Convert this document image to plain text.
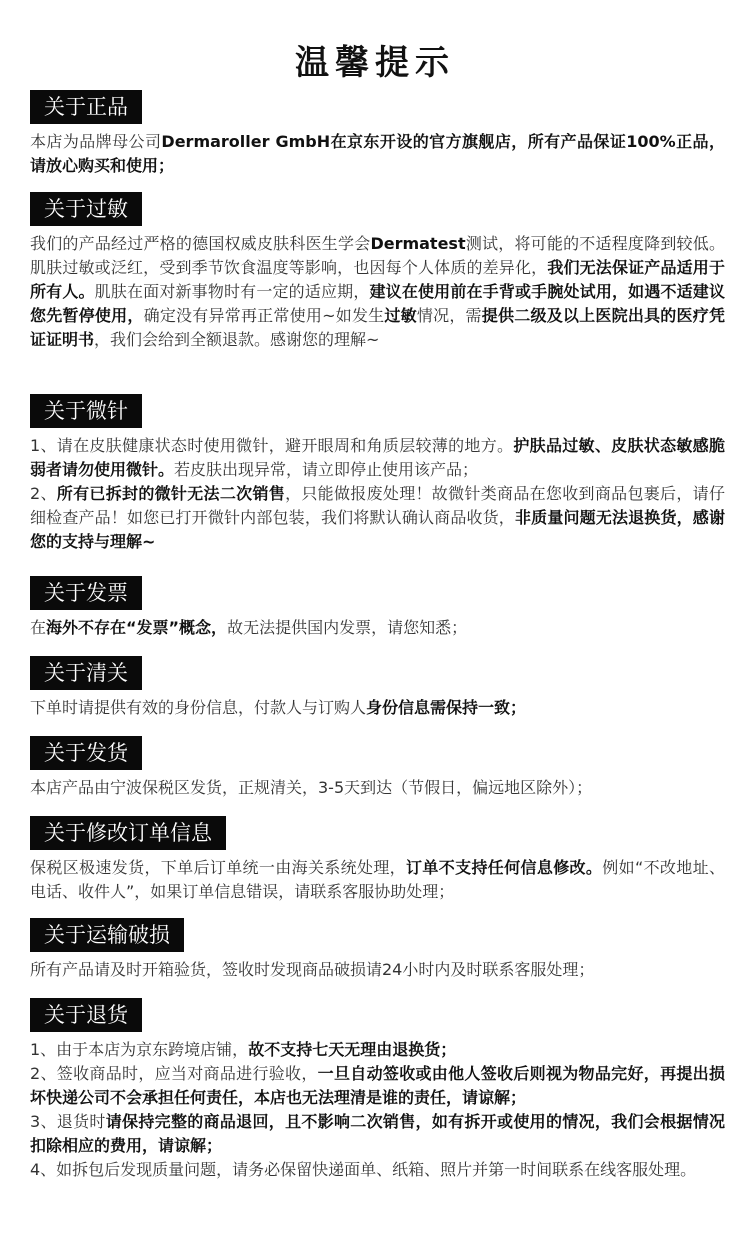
温馨提示
关于正品
本店为品牌母公司Dermaroller GmbH在京东开设的官方旗舰店，所有产品保证100%正品，请放心购买和使用；
关于过敏
我们的产品经过严格的德国权威皮肤科医生学会Dermatest测试，将可能的不适程度降到较低。肌肤过敏或泛红，受到季节饮食温度等影响，也因每个人体质的差异化，我们无法保证产品适用于所有人。肌肤在面对新事物时有一定的适应期，建议在使用前在手背或手腕处试用，如遇不适建议您先暂停使用，确定没有异常再正常使用~如发生过敏情况，需提供二级及以上医院出具的医疗凭证证明书，我们会给到全额退款。感谢您的理解~
关于微针
1、请在皮肤健康状态时使用微针，避开眼周和角质层较薄的地方。护肤品过敏、皮肤状态敏感脆弱者请勿使用微针。若皮肤出现异常，请立即停止使用该产品；
2、所有已拆封的微针无法二次销售，只能做报废处理！故微针类商品在您收到商品包裹后，请仔细检查产品！如您已打开微针内部包装，我们将默认确认商品收货，非质量问题无法退换货，感谢您的支持与理解~
关于发票
在海外不存在“发票”概念，故无法提供国内发票，请您知悉；
关于清关
下单时请提供有效的身份信息，付款人与订购人身份信息需保持一致；
关于发货
本店产品由宁波保税区发货，正规清关，3-5天到达（节假日，偏远地区除外）；
关于修改订单信息
保税区极速发货，下单后订单统一由海关系统处理，订单不支持任何信息修改。例如“不改地址、电话、收件人”，如果订单信息错误，请联系客服协助处理；
关于运输破损
所有产品请及时开箱验货，签收时发现商品破损请24小时内及时联系客服处理；
关于退货
1、由于本店为京东跨境店铺，故不支持七天无理由退换货；
2、签收商品时，应当对商品进行验收，一旦自动签收或由他人签收后则视为物品完好，再提出损坏快递公司不会承担任何责任，本店也无法理清是谁的责任，请谅解；
3、退货时请保持完整的商品退回，且不影响二次销售，如有拆开或使用的情况，我们会根据情况扣除相应的费用，请谅解；
4、如拆包后发现质量问题，请务必保留快递面单、纸箱、照片并第一时间联系在线客服处理。
